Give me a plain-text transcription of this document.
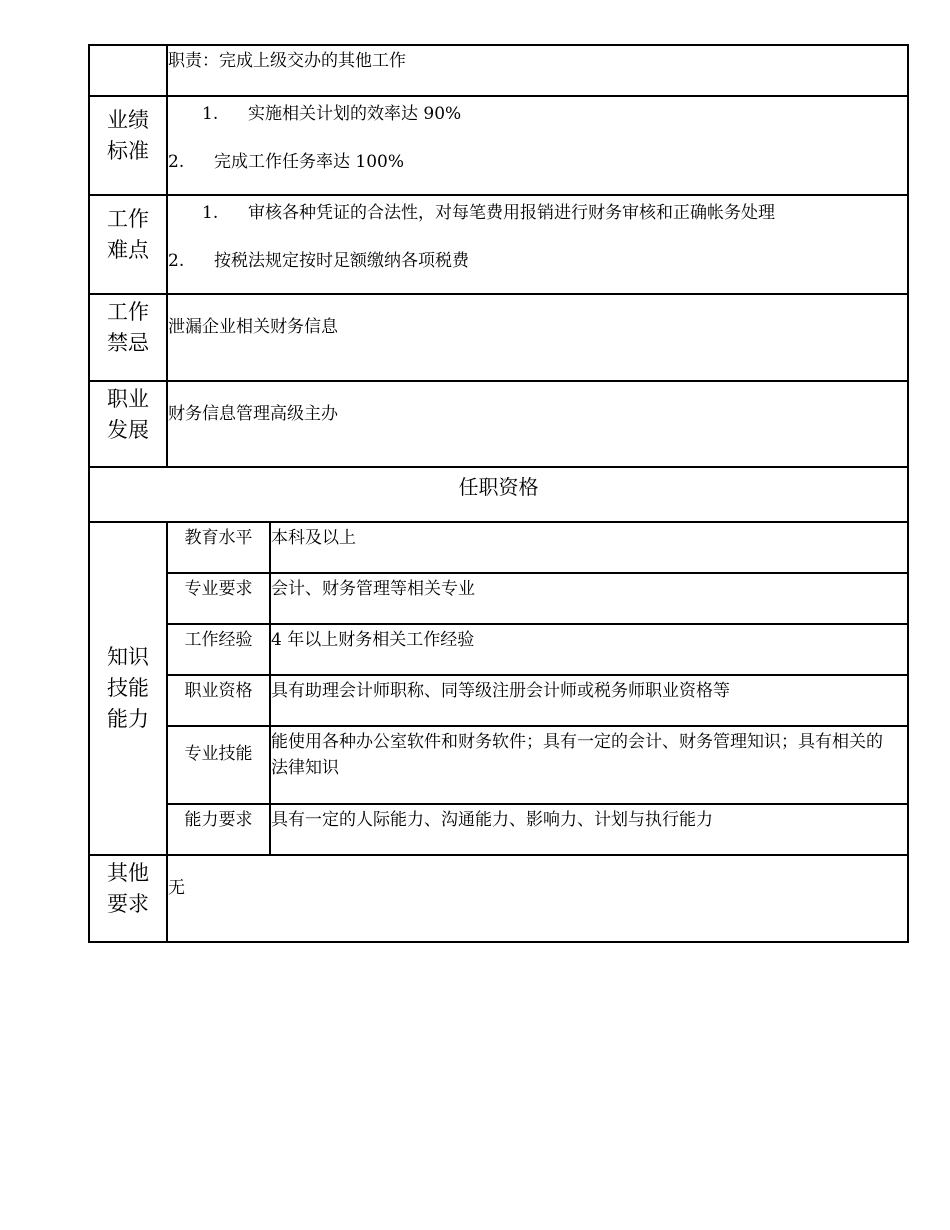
	职责：完成上级交办的其他工作	

业绩标准	1. 实施相关计划的效率达 90%
2. 完成工作任务率达 100%	

工作难点	1. 审核各种凭证的合法性，对每笔费用报销进行财务审核和正确帐务处理
2. 按税法规定按时足额缴纳各项税费	

工作禁忌	泄漏企业相关财务信息	

职业发展	财务信息管理高级主办	

任职资格		

知识技能能力	教育水平	本科及以上
	专业要求	会计、财务管理等相关专业
	工作经验	4 年以上财务相关工作经验
	职业资格	具有助理会计师职称、同等级注册会计师或税务师职业资格等
	专业技能	能使用各种办公室软件和财务软件；具有一定的会计、财务管理知识；具有相关的法律知识
	能力要求	具有一定的人际能力、沟通能力、影响力、计划与执行能力

其他要求	无	
